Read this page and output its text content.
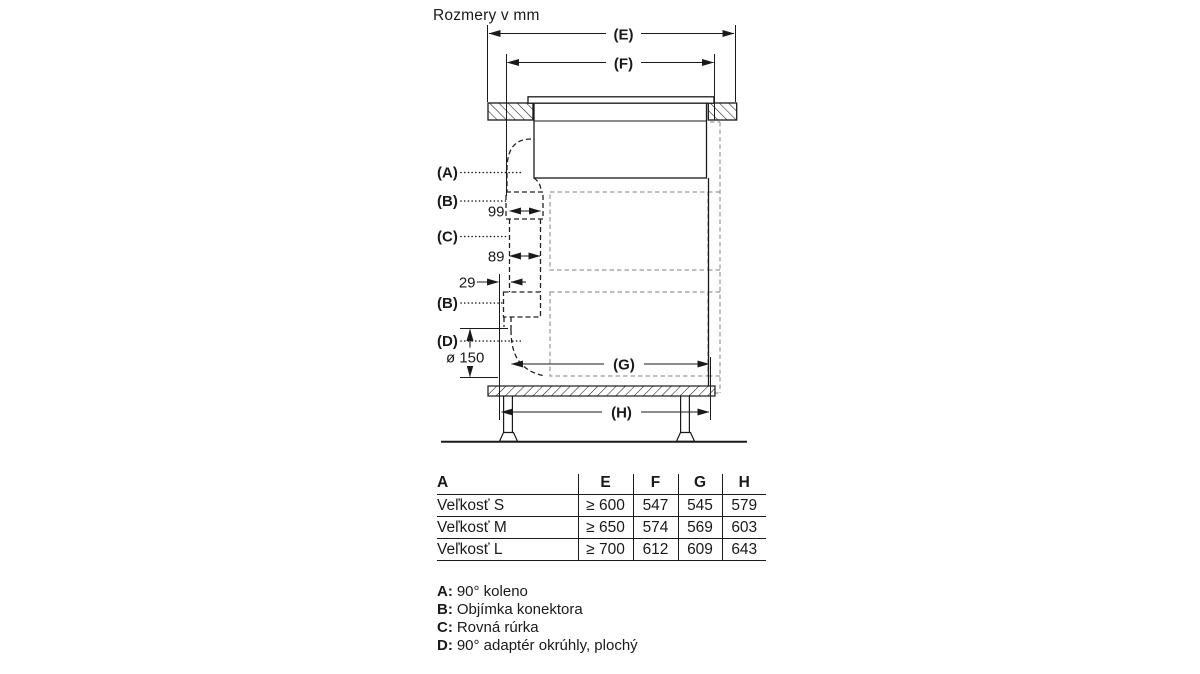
Rozmery v mm
(E)
(F)
(G)
(H)
(A)
(B)
(C)
(B)
(D)
99
89
29
ø 150
A	E	F	G	H
Veľkosť S	≥ 600	547	545	579
Veľkosť M	≥ 650	574	569	603
Veľkosť L	≥ 700	612	609	643
A: 90° koleno
B: Objímka konektora
C: Rovná rúrka
D: 90° adaptér okrúhly, plochý
